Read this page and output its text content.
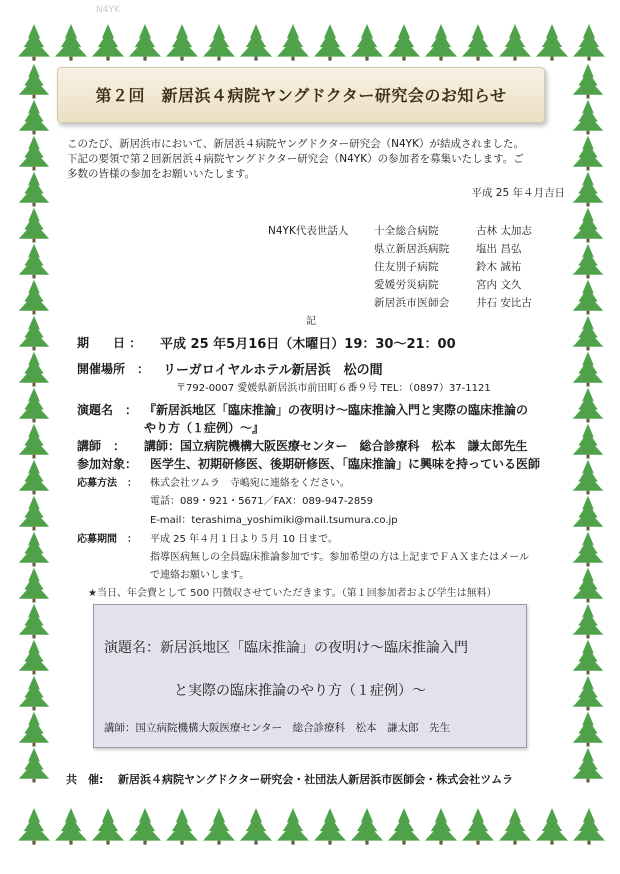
N4YK
第２回　新居浜４病院ヤングドクター研究会のお知らせ
このたび、新居浜市において、新居浜４病院ヤングドクター研究会（N4YK）が結成されました。
下記の要領で第２回新居浜４病院ヤングドクター研究会（N4YK）の参加者を募集いたします。ご
多数の皆様の参加をお願いいたします。
平成 25 年４月吉日
N4YK代表世話人	十全総合病院	古林 太加志
県立新居浜病院	塩出 昌弘
住友別子病院	鈴木 誠祐
愛媛労災病院	宮内 文久
新居浜市医師会	井石 安比古
記
期　　日 ： 平成 25 年5月16日（木曜日）19：30～21：00
開催場所　： リーガロイヤルホテル新居浜　松の間
〒792-0007 愛媛県新居浜市前田町６番９号 TEL：（0897）37-1121
演題名　： 『新居浜地区「臨床推論」の夜明け～臨床推論入門と実際の臨床推論の
やり方（１症例）～』
講師　： 講師：国立病院機構大阪医療センター　総合診療科　松本　謙太郎先生
参加対象： 医学生、初期研修医、後期研修医、「臨床推論」に興味を持っている医師
応募方法　： 株式会社ツムラ　寺嶋宛に連絡をください。
電話：089・921・5671／FAX：089-947-2859
E-mail：terashima_yoshimiki@mail.tsumura.co.jp
応募期間　： 平成 25 年４月１日より５月 10 日まで。
指導医病無しの全員臨床推論参加です。参加希望の方は上記までＦＡＸまたはメール
で連絡お願いします。
★当日、年会費として 500 円徴収させていただきます。（第１回参加者および学生は無料）
演題名：新居浜地区「臨床推論」の夜明け～臨床推論入門
と実際の臨床推論のやり方（１症例）～
講師：国立病院機構大阪医療センター　総合診療科　松本　謙太郎　先生
共　催: 新居浜４病院ヤングドクター研究会・社団法人新居浜市医師会・株式会社ツムラ
